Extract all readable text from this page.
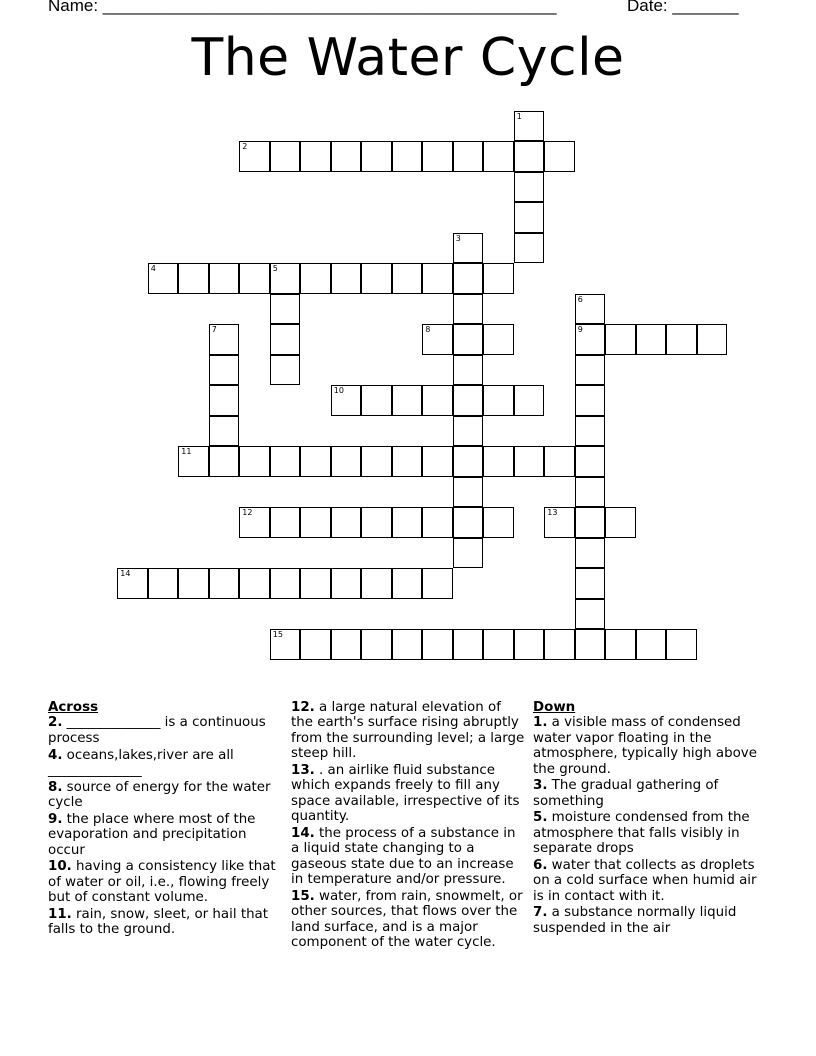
Name: ________________________________________________	Date: _______
The Water Cycle
1
2
3
4	5
6
9
7	8
10
11
12	13
14
15
Across
2. ______________ is a continuous process
4. oceans,lakes,river are all ______________
8. source of energy for the water cycle
9. the place where most of the evaporation and precipitation occur
10. having a consistency like that of water or oil, i.e., flowing freely but of constant volume.
11. rain, snow, sleet, or hail that falls to the ground.
12. a large natural elevation of the earth's surface rising abruptly from the surrounding level; a large steep hill.
13. . an airlike fluid substance which expands freely to fill any space available, irrespective of its quantity.
14. the process of a substance in a liquid state changing to a gaseous state due to an increase in temperature and/or pressure.
15. water, from rain, snowmelt, or other sources, that flows over the land surface, and is a major component of the water cycle.
Down
1. a visible mass of condensed water vapor floating in the atmosphere, typically high above the ground.
3. The gradual gathering of something
5. moisture condensed from the atmosphere that falls visibly in separate drops
6. water that collects as droplets on a cold surface when humid air is in contact with it.
7. a substance normally liquid suspended in the air
